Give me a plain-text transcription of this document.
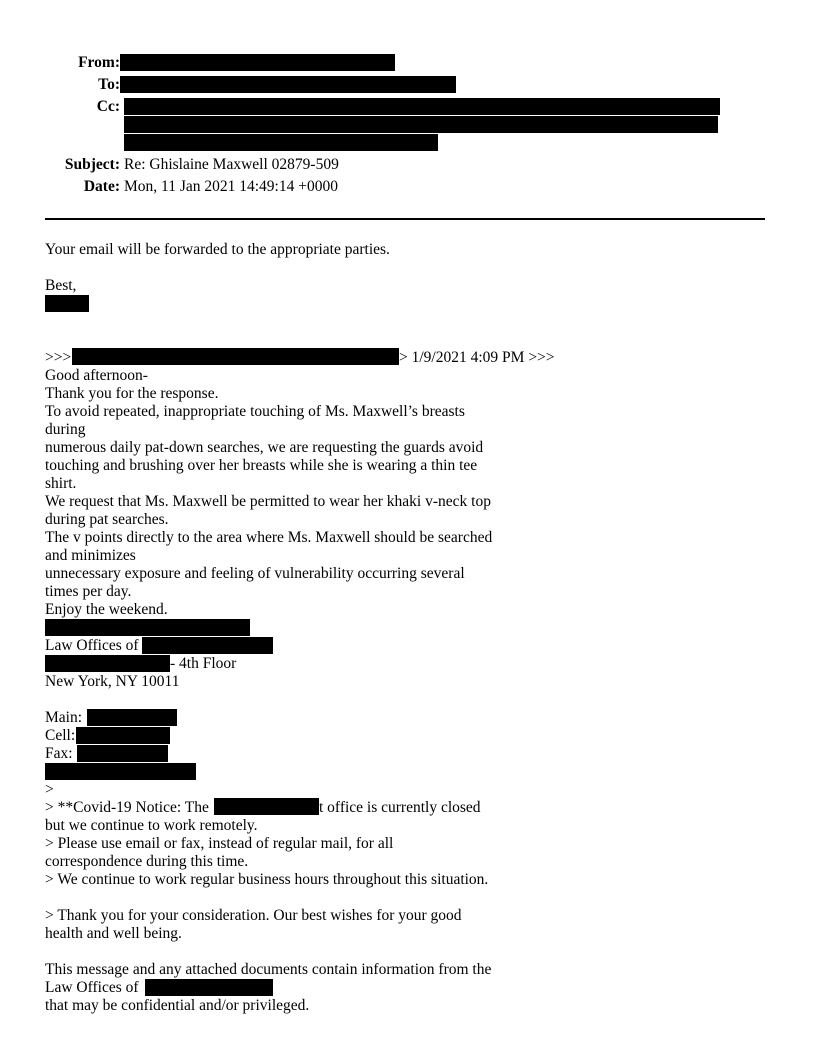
From:
To:
Cc:
Subject: Re: Ghislaine Maxwell 02879-509
Date: Mon, 11 Jan 2021 14:49:14 +0000
Your email will be forwarded to the appropriate parties.
Best,
>>>	> 1/9/2021 4:09 PM >>>
Good afternoon-
Thank you for the response.
To avoid repeated, inappropriate touching of Ms. Maxwell’s breasts
during
numerous daily pat-down searches, we are requesting the guards avoid
touching and brushing over her breasts while she is wearing a thin tee
shirt.
We request that Ms. Maxwell be permitted to wear her khaki v-neck top
during pat searches.
The v points directly to the area where Ms. Maxwell should be searched
and minimizes
unnecessary exposure and feeling of vulnerability occurring several
times per day.
Enjoy the weekend.
Law Offices of
- 4th Floor
New York, NY 10011
Main:
Cell:
Fax:
>
> **Covid-19 Notice: The	t office is currently closed
but we continue to work remotely.
> Please use email or fax, instead of regular mail, for all
correspondence during this time.
> We continue to work regular business hours throughout this situation.
> Thank you for your consideration. Our best wishes for your good
health and well being.
This message and any attached documents contain information from the
Law Offices of
that may be confidential and/or privileged.
